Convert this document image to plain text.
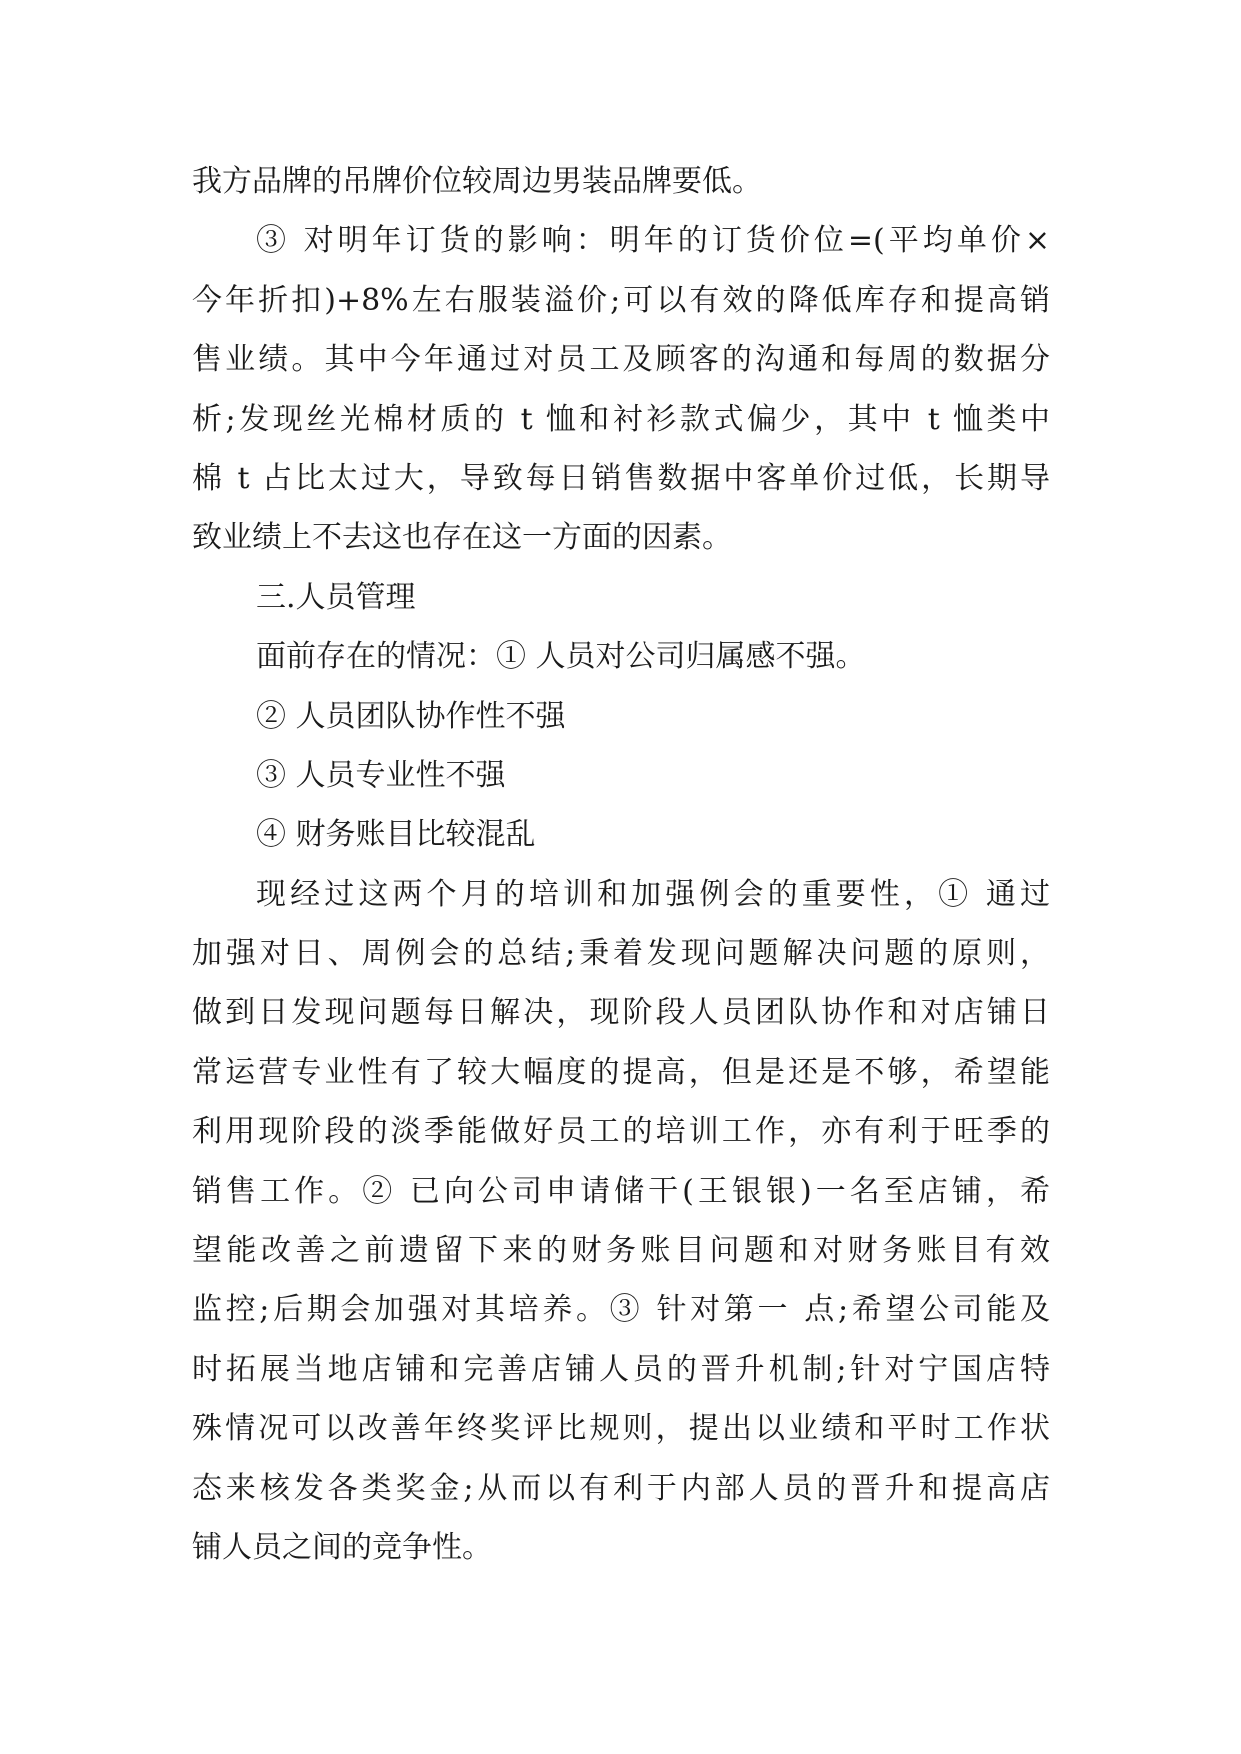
我方品牌的吊牌价位较周边男装品牌要低。
③ 对明年订货的影响：明年的订货价位=(平均单价×
今年折扣)+8%左右服装溢价;可以有效的降低库存和提高销
售业绩。其中今年通过对员工及顾客的沟通和每周的数据分
析;发现丝光棉材质的 t 恤和衬衫款式偏少，其中 t 恤类中
棉 t 占比太过大，导致每日销售数据中客单价过低，长期导
致业绩上不去这也存在这一方面的因素。
三.人员管理
面前存在的情况：① 人员对公司归属感不强。
② 人员团队协作性不强
③ 人员专业性不强
④ 财务账目比较混乱
现经过这两个月的培训和加强例会的重要性，① 通过
加强对日、周例会的总结;秉着发现问题解决问题的原则，
做到日发现问题每日解决，现阶段人员团队协作和对店铺日
常运营专业性有了较大幅度的提高，但是还是不够，希望能
利用现阶段的淡季能做好员工的培训工作，亦有利于旺季的
销售工作。② 已向公司申请储干(王银银)一名至店铺，希
望能改善之前遗留下来的财务账目问题和对财务账目有效
监控;后期会加强对其培养。③ 针对第一 点;希望公司能及
时拓展当地店铺和完善店铺人员的晋升机制;针对宁国店特
殊情况可以改善年终奖评比规则，提出以业绩和平时工作状
态来核发各类奖金;从而以有利于内部人员的晋升和提高店
铺人员之间的竞争性。
